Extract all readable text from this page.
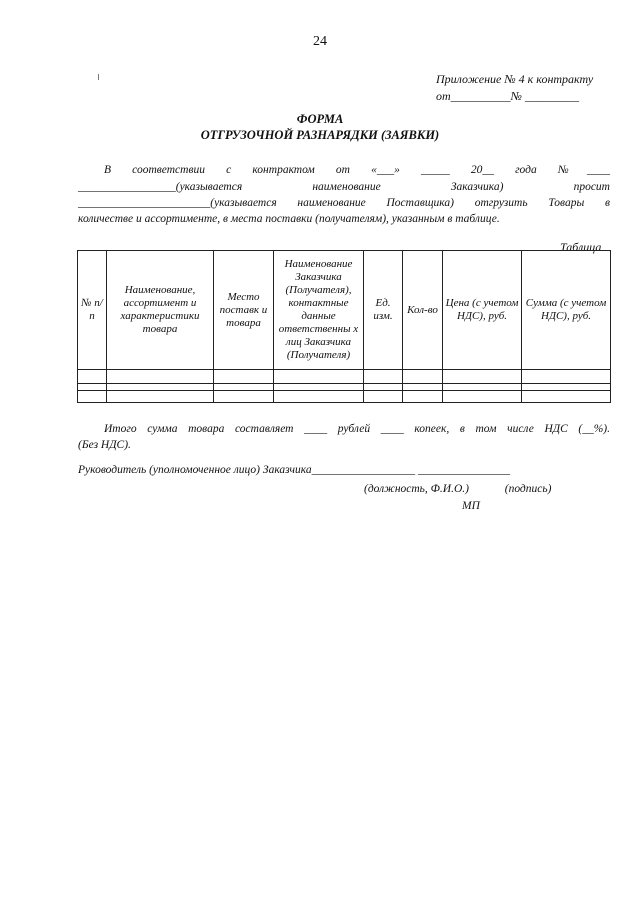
24
Приложение № 4 к контракту
от__________№ _________
ФОРМА
ОТГРУЗОЧНОЙ РАЗНАРЯДКИ (ЗАЯВКИ)
В соответствии с контрактом от «___» _____ 20__ года №____
_________________(указывается наименование Заказчика) просит
_______________________(указывается наименование Поставщика) отгрузить Товары в
количестве и ассортименте, в места поставки (получателям), указанным в таблице.
Таблица
№ п/п	Наименование, ассортимент и характеристики товара	Место поставк и товара	Наименование Заказчика (Получателя), контактные данные ответственны х лиц Заказчика (Получателя)	Ед. изм.	Кол-во	Цена (с учетом НДС), руб.	Сумма (с учетом НДС), руб.

Итого сумма товара составляет ____ рублей ____ копеек, в том числе НДС (__%).
(Без НДС).
Руководитель (уполномоченное лицо) Заказчика__________________ ________________
(должность, Ф.И.О.)	(подпись)
МП
